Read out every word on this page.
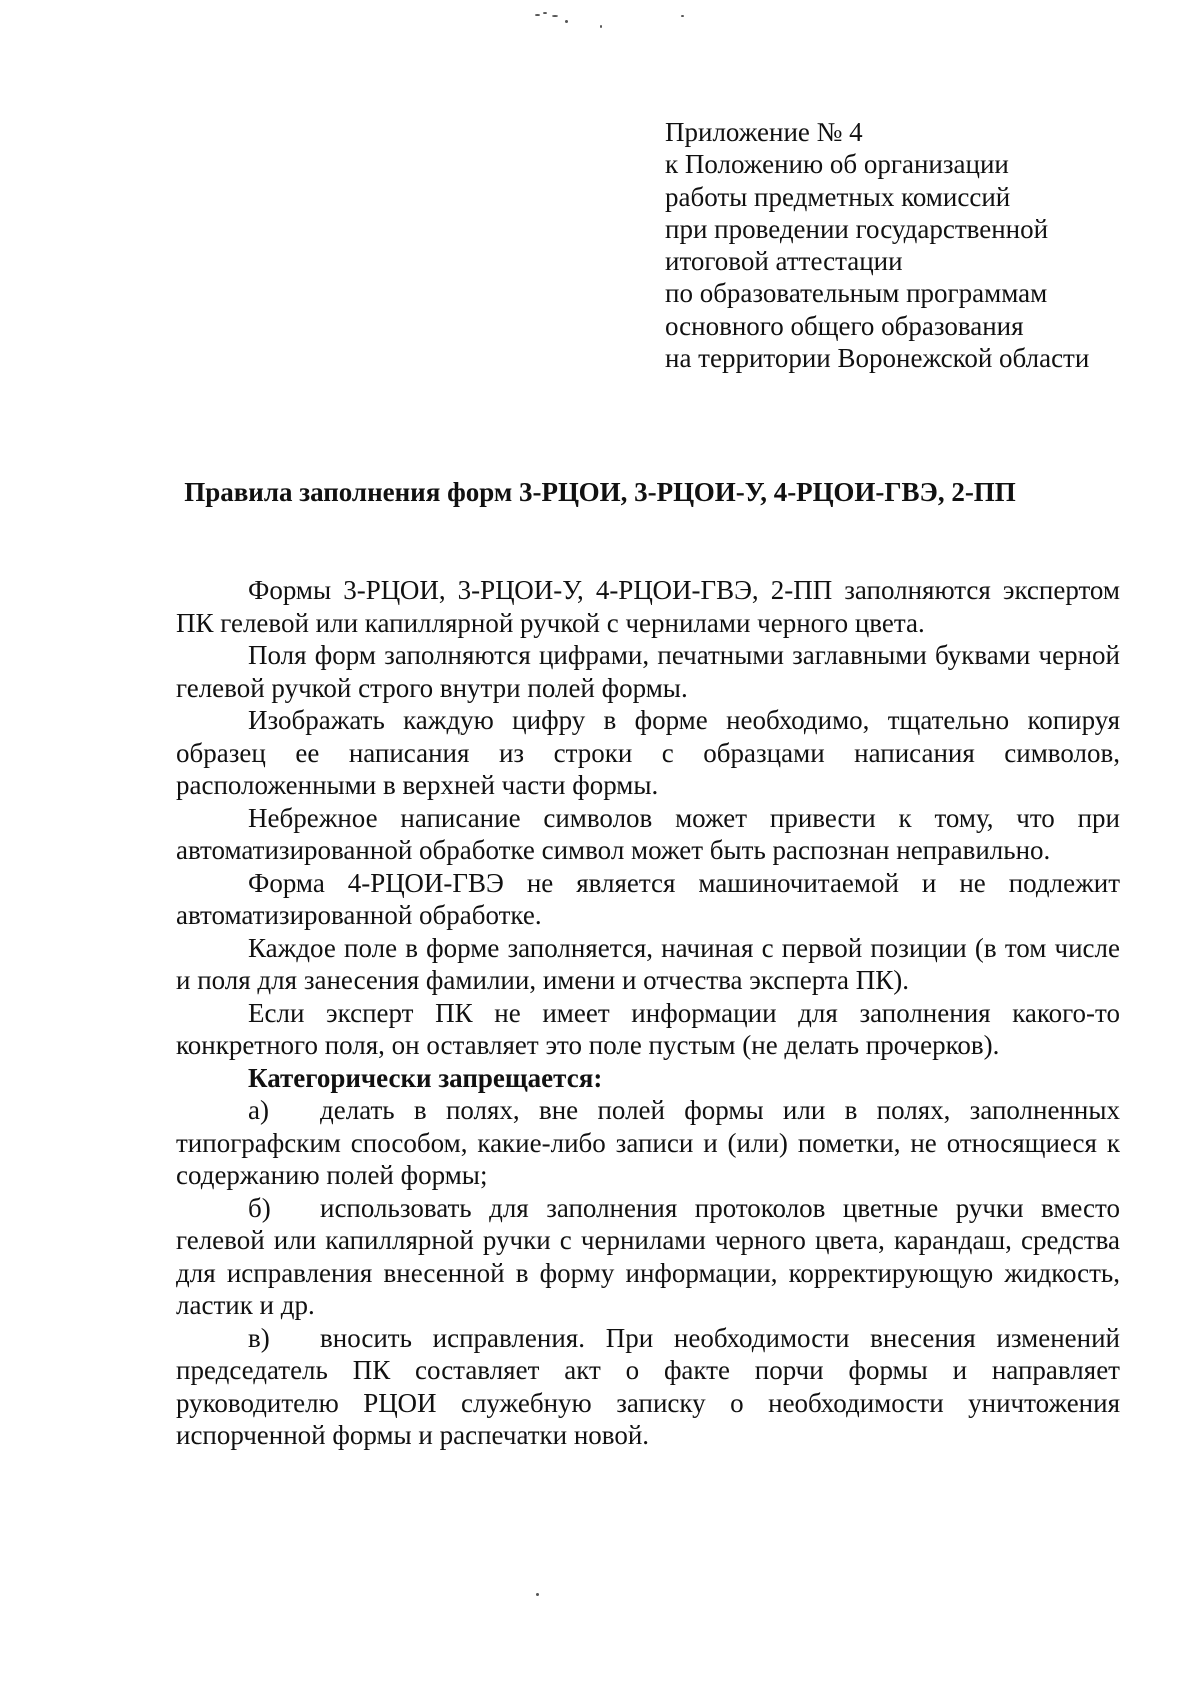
Приложение № 4
к Положению об организации
работы предметных комиссий
при проведении государственной
итоговой аттестации
по образовательным программам
основного общего образования
на территории Воронежской области
Правила заполнения форм 3-РЦОИ, 3-РЦОИ-У, 4-РЦОИ-ГВЭ, 2-ПП

Формы 3-РЦОИ, 3-РЦОИ-У, 4-РЦОИ-ГВЭ, 2-ПП заполняются экспертом ПК гелевой или капиллярной ручкой с чернилами черного цвета.

Поля форм заполняются цифрами, печатными заглавными буквами черной гелевой ручкой строго внутри полей формы.

Изображать каждую цифру в форме необходимо, тщательно копируя образец ее написания из строки с образцами написания символов, расположенными в верхней части формы.

Небрежное написание символов может привести к тому, что при автоматизированной обработке символ может быть распознан неправильно.

Форма 4-РЦОИ-ГВЭ не является машиночитаемой и не подлежит автоматизированной обработке.

Каждое поле в форме заполняется, начиная с первой позиции (в том числе и поля для занесения фамилии, имени и отчества эксперта ПК).

Если эксперт ПК не имеет информации для заполнения какого-то конкретного поля, он оставляет это поле пустым (не делать прочерков).

Категорически запрещается:

а) делать в полях, вне полей формы или в полях, заполненных типографским способом, какие-либо записи и (или) пометки, не относящиеся к содержанию полей формы;

б) использовать для заполнения протоколов цветные ручки вместо гелевой или капиллярной ручки с чернилами черного цвета, карандаш, средства для исправления внесенной в форму информации, корректирующую жидкость, ластик и др.

в) вносить исправления. При необходимости внесения изменений председатель ПК составляет акт о факте порчи формы и направляет руководителю РЦОИ служебную записку о необходимости уничтожения испорченной формы и распечатки новой.
